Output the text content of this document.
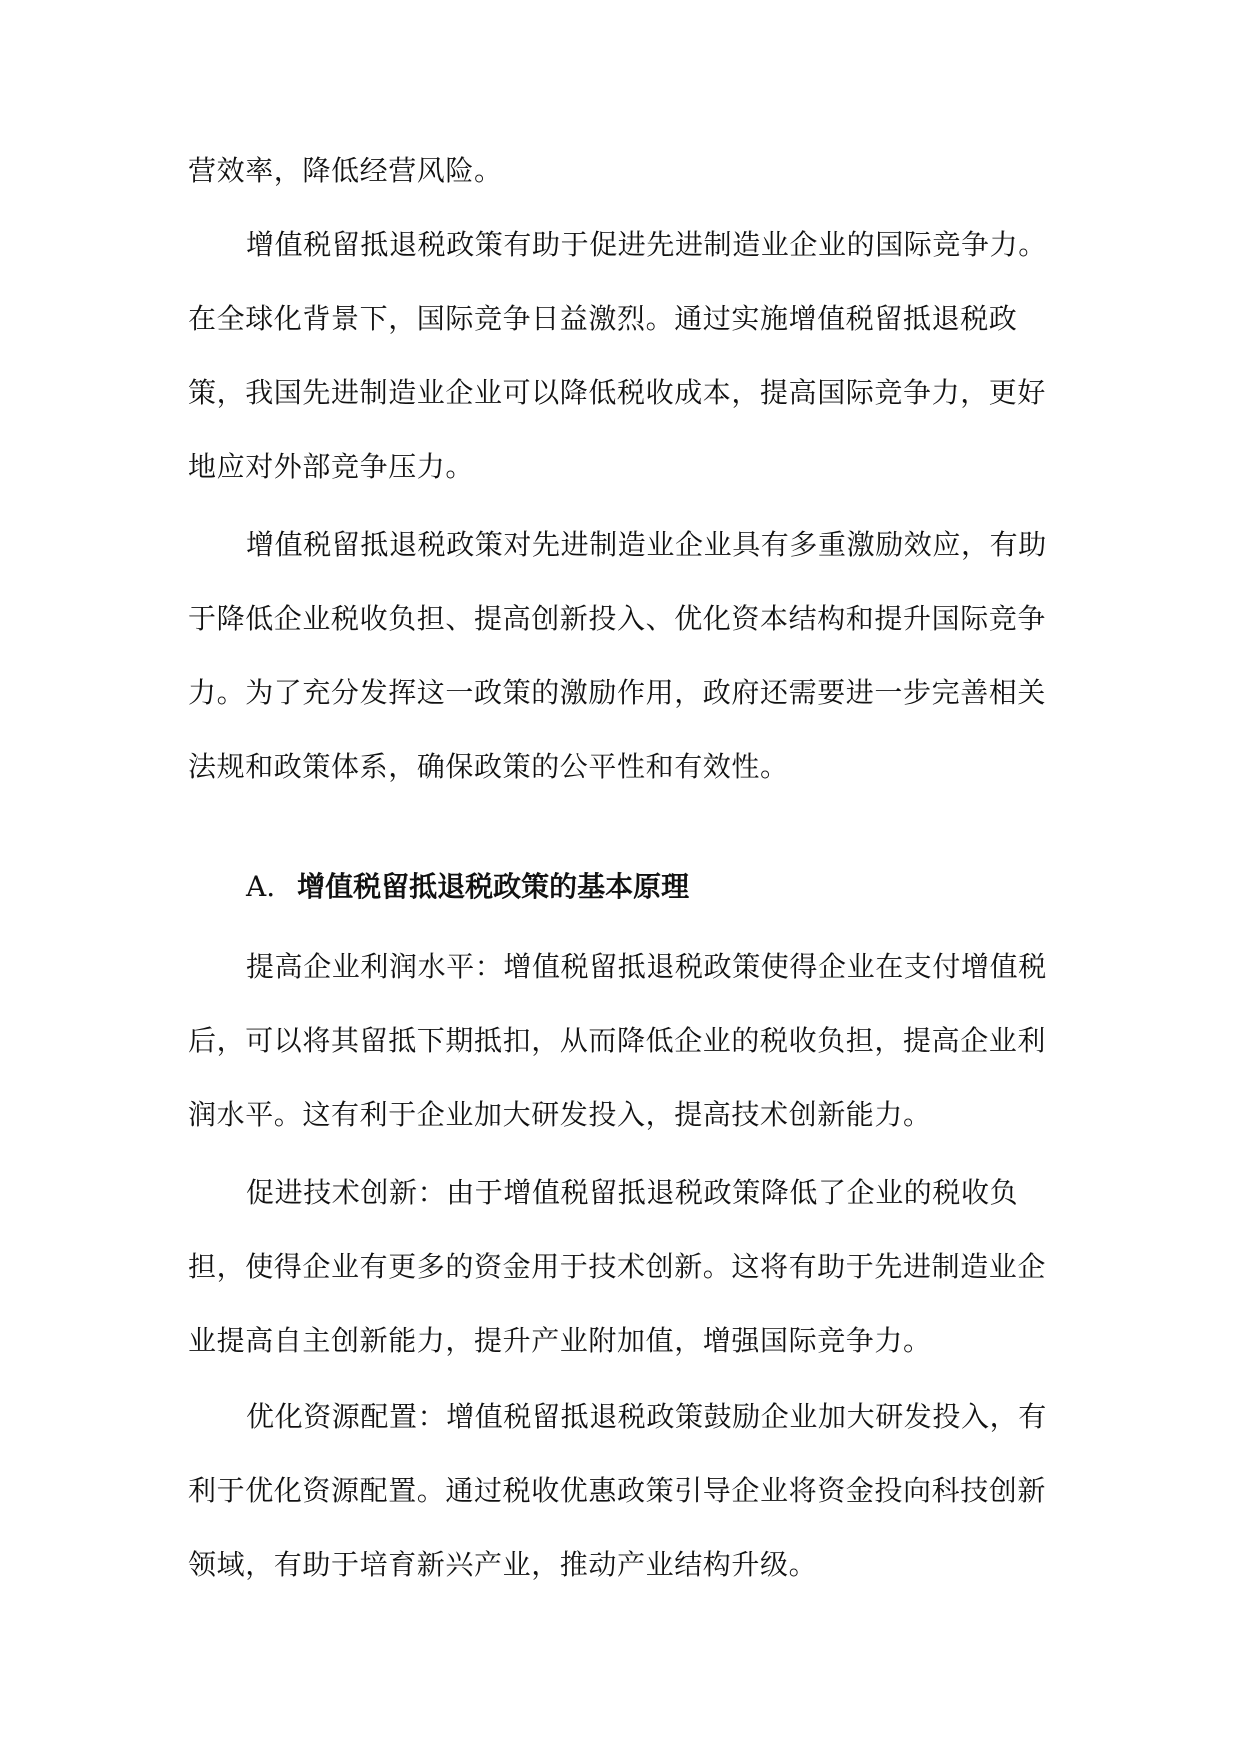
营效率，降低经营风险。

增值税留抵退税政策有助于促进先进制造业企业的国际竞争力。在全球化背景下，国际竞争日益激烈。通过实施增值税留抵退税政策，我国先进制造业企业可以降低税收成本，提高国际竞争力，更好地应对外部竞争压力。

增值税留抵退税政策对先进制造业企业具有多重激励效应，有助于降低企业税收负担、提高创新投入、优化资本结构和提升国际竞争力。为了充分发挥这一政策的激励作用，政府还需要进一步完善相关法规和政策体系，确保政策的公平性和有效性。

A. 增值税留抵退税政策的基本原理

提高企业利润水平：增值税留抵退税政策使得企业在支付增值税后，可以将其留抵下期抵扣，从而降低企业的税收负担，提高企业利润水平。这有利于企业加大研发投入，提高技术创新能力。

促进技术创新：由于增值税留抵退税政策降低了企业的税收负担，使得企业有更多的资金用于技术创新。这将有助于先进制造业企业提高自主创新能力，提升产业附加值，增强国际竞争力。

优化资源配置：增值税留抵退税政策鼓励企业加大研发投入，有利于优化资源配置。通过税收优惠政策引导企业将资金投向科技创新领域，有助于培育新兴产业，推动产业结构升级。
